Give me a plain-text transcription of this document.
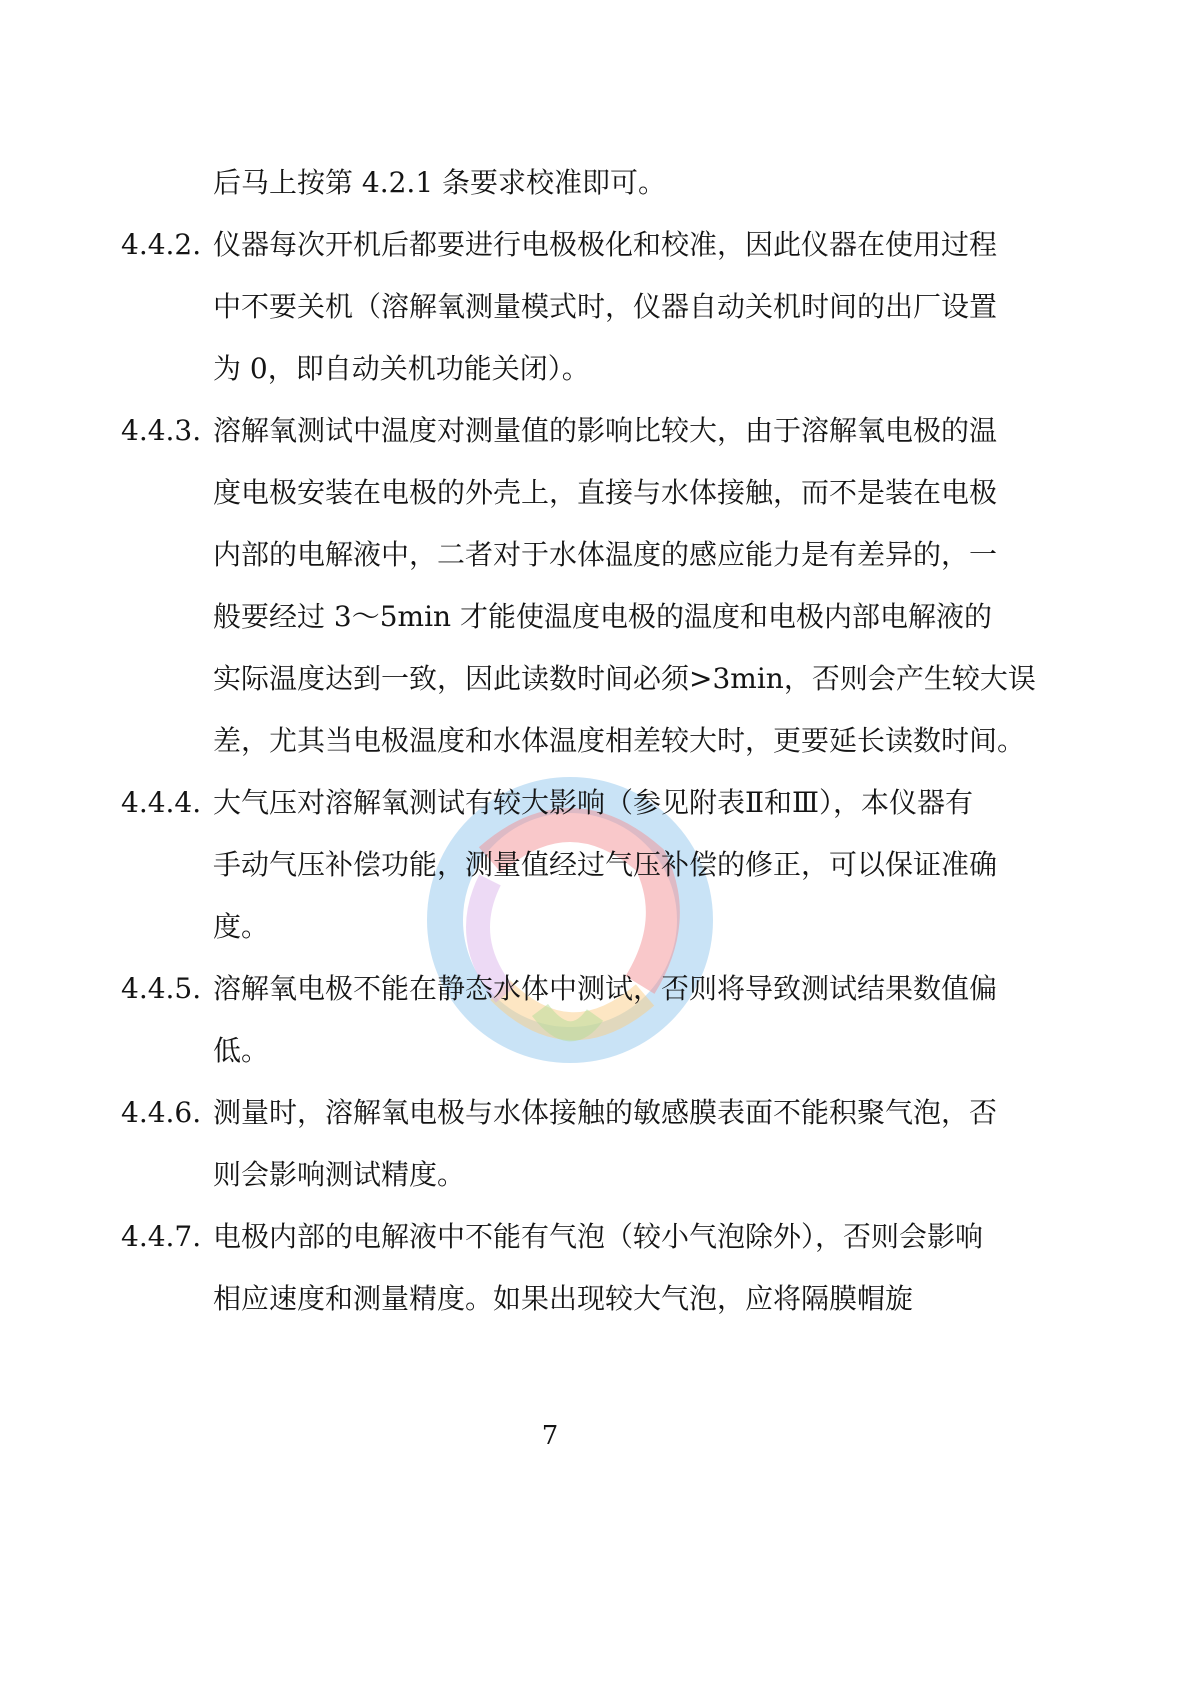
后马上按第 4.2.1 条要求校准即可。
4.4.2. 仪器每次开机后都要进行电极极化和校准，因此仪器在使用过程
中不要关机（溶解氧测量模式时，仪器自动关机时间的出厂设置
为 0，即自动关机功能关闭）。
4.4.3. 溶解氧测试中温度对测量值的影响比较大，由于溶解氧电极的温
度电极安装在电极的外壳上，直接与水体接触，而不是装在电极
内部的电解液中，二者对于水体温度的感应能力是有差异的，一
般要经过 3～5min 才能使温度电极的温度和电极内部电解液的
实际温度达到一致，因此读数时间必须>3min，否则会产生较大误
差，尤其当电极温度和水体温度相差较大时，更要延长读数时间。
4.4.4. 大气压对溶解氧测试有较大影响（参见附表Ⅱ和Ⅲ），本仪器有
手动气压补偿功能，测量值经过气压补偿的修正，可以保证准确
度。
4.4.5. 溶解氧电极不能在静态水体中测试，否则将导致测试结果数值偏
低。
4.4.6. 测量时，溶解氧电极与水体接触的敏感膜表面不能积聚气泡，否
则会影响测试精度。
4.4.7. 电极内部的电解液中不能有气泡（较小气泡除外），否则会影响
相应速度和测量精度。如果出现较大气泡，应将隔膜帽旋
7
